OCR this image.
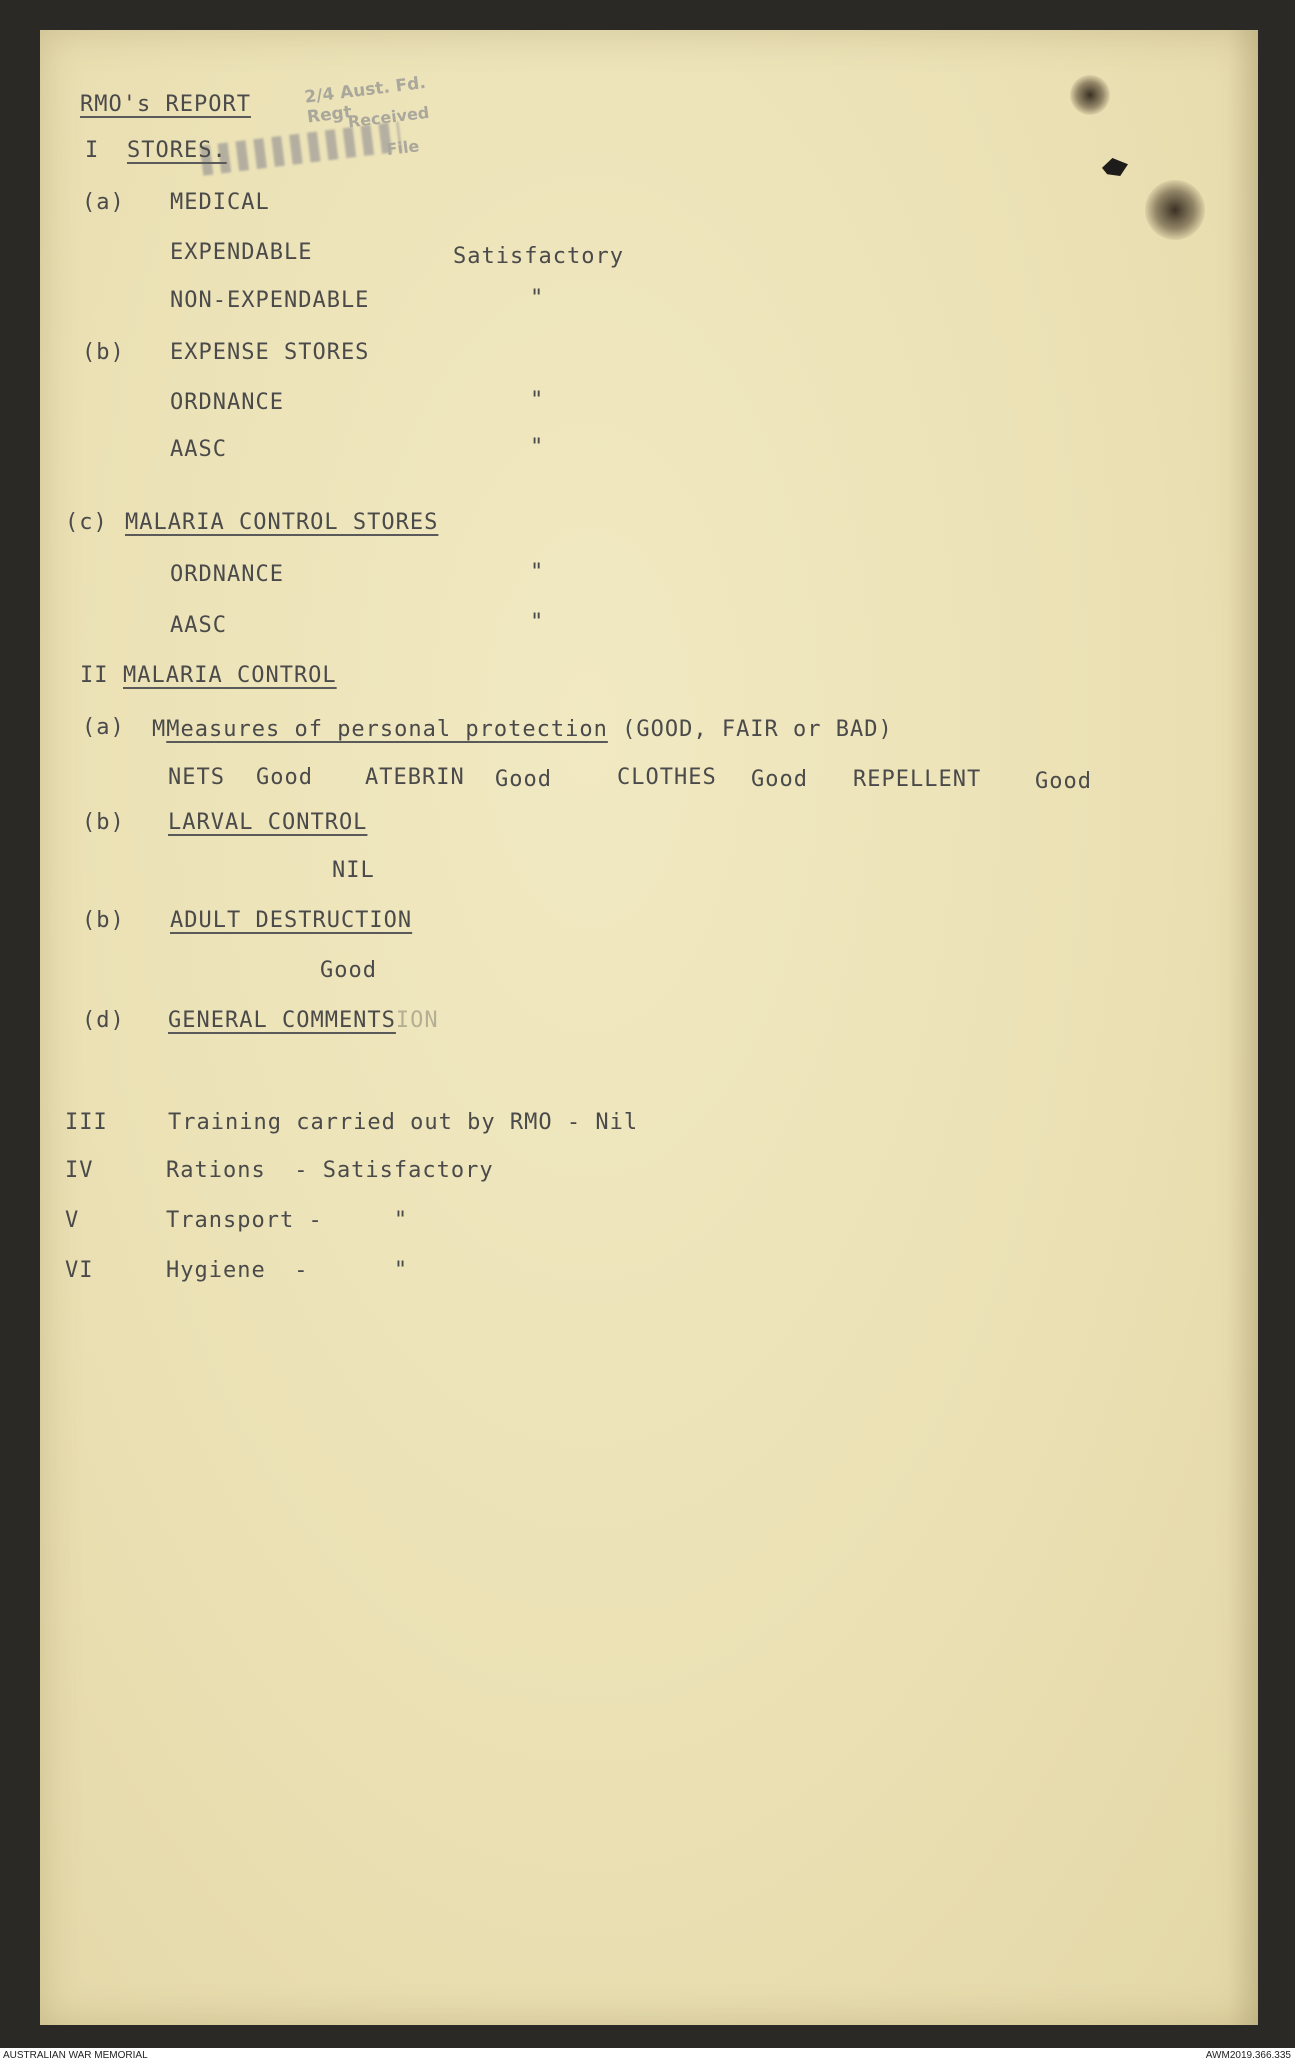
2/4 Aust. Fd. Regt
Received
File
RMO's REPORT
I STORES.
(a) MEDICAL
EXPENDABLE	Satisfactory
NON-EXPENDABLE	"
(b) EXPENSE STORES
ORDNANCE	"
AASC	"
(c) MALARIA CONTROL STORES
ORDNANCE	"
AASC	"
II MALARIA CONTROL
(a) MMeasures of personal protection (GOOD, FAIR or BAD)
NETS Good ATEBRIN Good	CLOTHES Good REPELLENT Good
(b) LARVAL CONTROL
NIL
(b) ADULT DESTRUCTION
Good
(d) GENERAL COMMENTSION
III	Training carried out by RMO - Nil
IV	Rations  - Satisfactory
V	Transport -     "
VI	Hygiene  -      "
AUSTRALIAN WAR MEMORIAL	AWM2019.366.335
